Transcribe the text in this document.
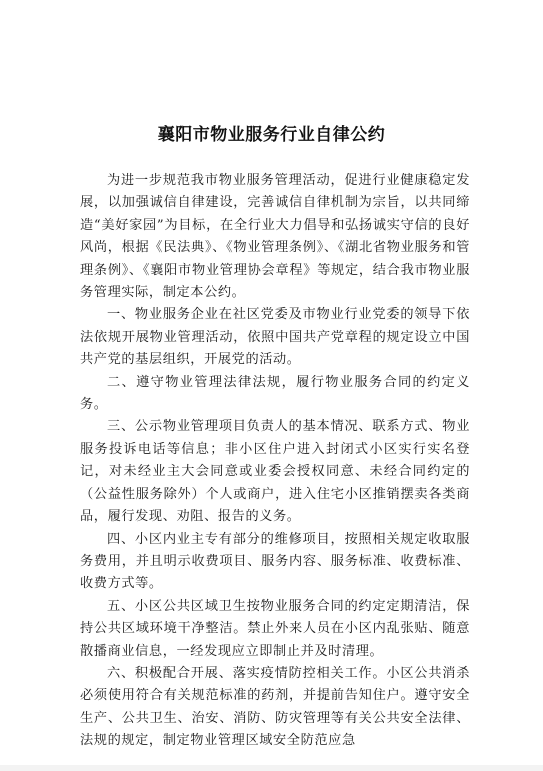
襄阳市物业服务行业自律公约

为进一步规范我市物业服务管理活动，促进行业健康稳定发展，以加强诚信自律建设，完善诚信自律机制为宗旨，以共同缔造“美好家园”为目标，在全行业大力倡导和弘扬诚实守信的良好风尚，根据《民法典》、《物业管理条例》、《湖北省物业服务和管理条例》、《襄阳市物业管理协会章程》等规定，结合我市物业服务管理实际，制定本公约。

一、物业服务企业在社区党委及市物业行业党委的领导下依法依规开展物业管理活动，依照中国共产党章程的规定设立中国共产党的基层组织，开展党的活动。

二、遵守物业管理法律法规，履行物业服务合同的约定义务。

三、公示物业管理项目负责人的基本情况、联系方式、物业服务投诉电话等信息；非小区住户进入封闭式小区实行实名登记，对未经业主大会同意或业委会授权同意、未经合同约定的（公益性服务除外）个人或商户，进入住宅小区推销摆卖各类商品，履行发现、劝阻、报告的义务。

四、小区内业主专有部分的维修项目，按照相关规定收取服务费用，并且明示收费项目、服务内容、服务标准、收费标准、收费方式等。

五、小区公共区域卫生按物业服务合同的约定定期清洁，保持公共区域环境干净整洁。禁止外来人员在小区内乱张贴、随意散播商业信息，一经发现应立即制止并及时清理。

六、积极配合开展、落实疫情防控相关工作。小区公共消杀必须使用符合有关规范标准的药剂，并提前告知住户。遵守安全生产、公共卫生、治安、消防、防灾管理等有关公共安全法律、法规的规定，制定物业管理区域安全防范应急
